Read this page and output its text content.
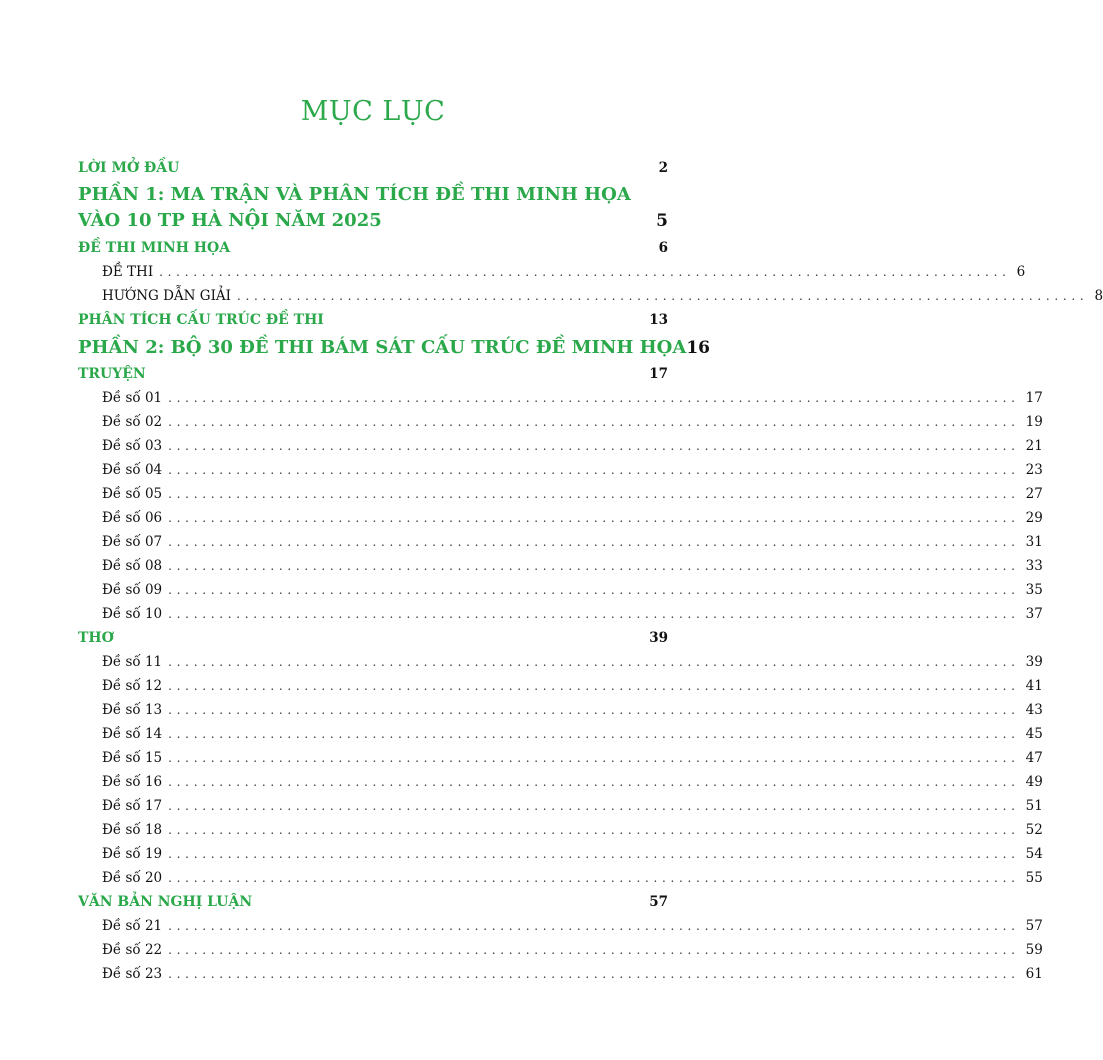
MỤC LỤC
LỜI MỞ ĐẦU	2
PHẦN 1: MA TRẬN VÀ PHÂN TÍCH ĐỀ THI MINH HỌA VÀO 10 TP HÀ NỘI NĂM 2025	5
ĐỀ THI MINH HỌA	6
ĐỀ THI .................................................................................................... 6
HƯỚNG DẪN GIẢI .................................................................................................... 8
PHÂN TÍCH CẤU TRÚC ĐỀ THI	13
PHẦN 2: BỘ 30 ĐỀ THI BÁM SÁT CẤU TRÚC ĐỀ MINH HỌA 16
TRUYỆN	17
Đề số 01 .................................................................................................... 17
Đề số 02 .................................................................................................... 19
Đề số 03 .................................................................................................... 21
Đề số 04 .................................................................................................... 23
Đề số 05 .................................................................................................... 27
Đề số 06 .................................................................................................... 29
Đề số 07 .................................................................................................... 31
Đề số 08 .................................................................................................... 33
Đề số 09 .................................................................................................... 35
Đề số 10 .................................................................................................... 37
THƠ	39
Đề số 11 .................................................................................................... 39
Đề số 12 .................................................................................................... 41
Đề số 13 .................................................................................................... 43
Đề số 14 .................................................................................................... 45
Đề số 15 .................................................................................................... 47
Đề số 16 .................................................................................................... 49
Đề số 17 .................................................................................................... 51
Đề số 18 .................................................................................................... 52
Đề số 19 .................................................................................................... 54
Đề số 20 .................................................................................................... 55
VĂN BẢN NGHỊ LUẬN	57
Đề số 21 .................................................................................................... 57
Đề số 22 .................................................................................................... 59
Đề số 23 .................................................................................................... 61
